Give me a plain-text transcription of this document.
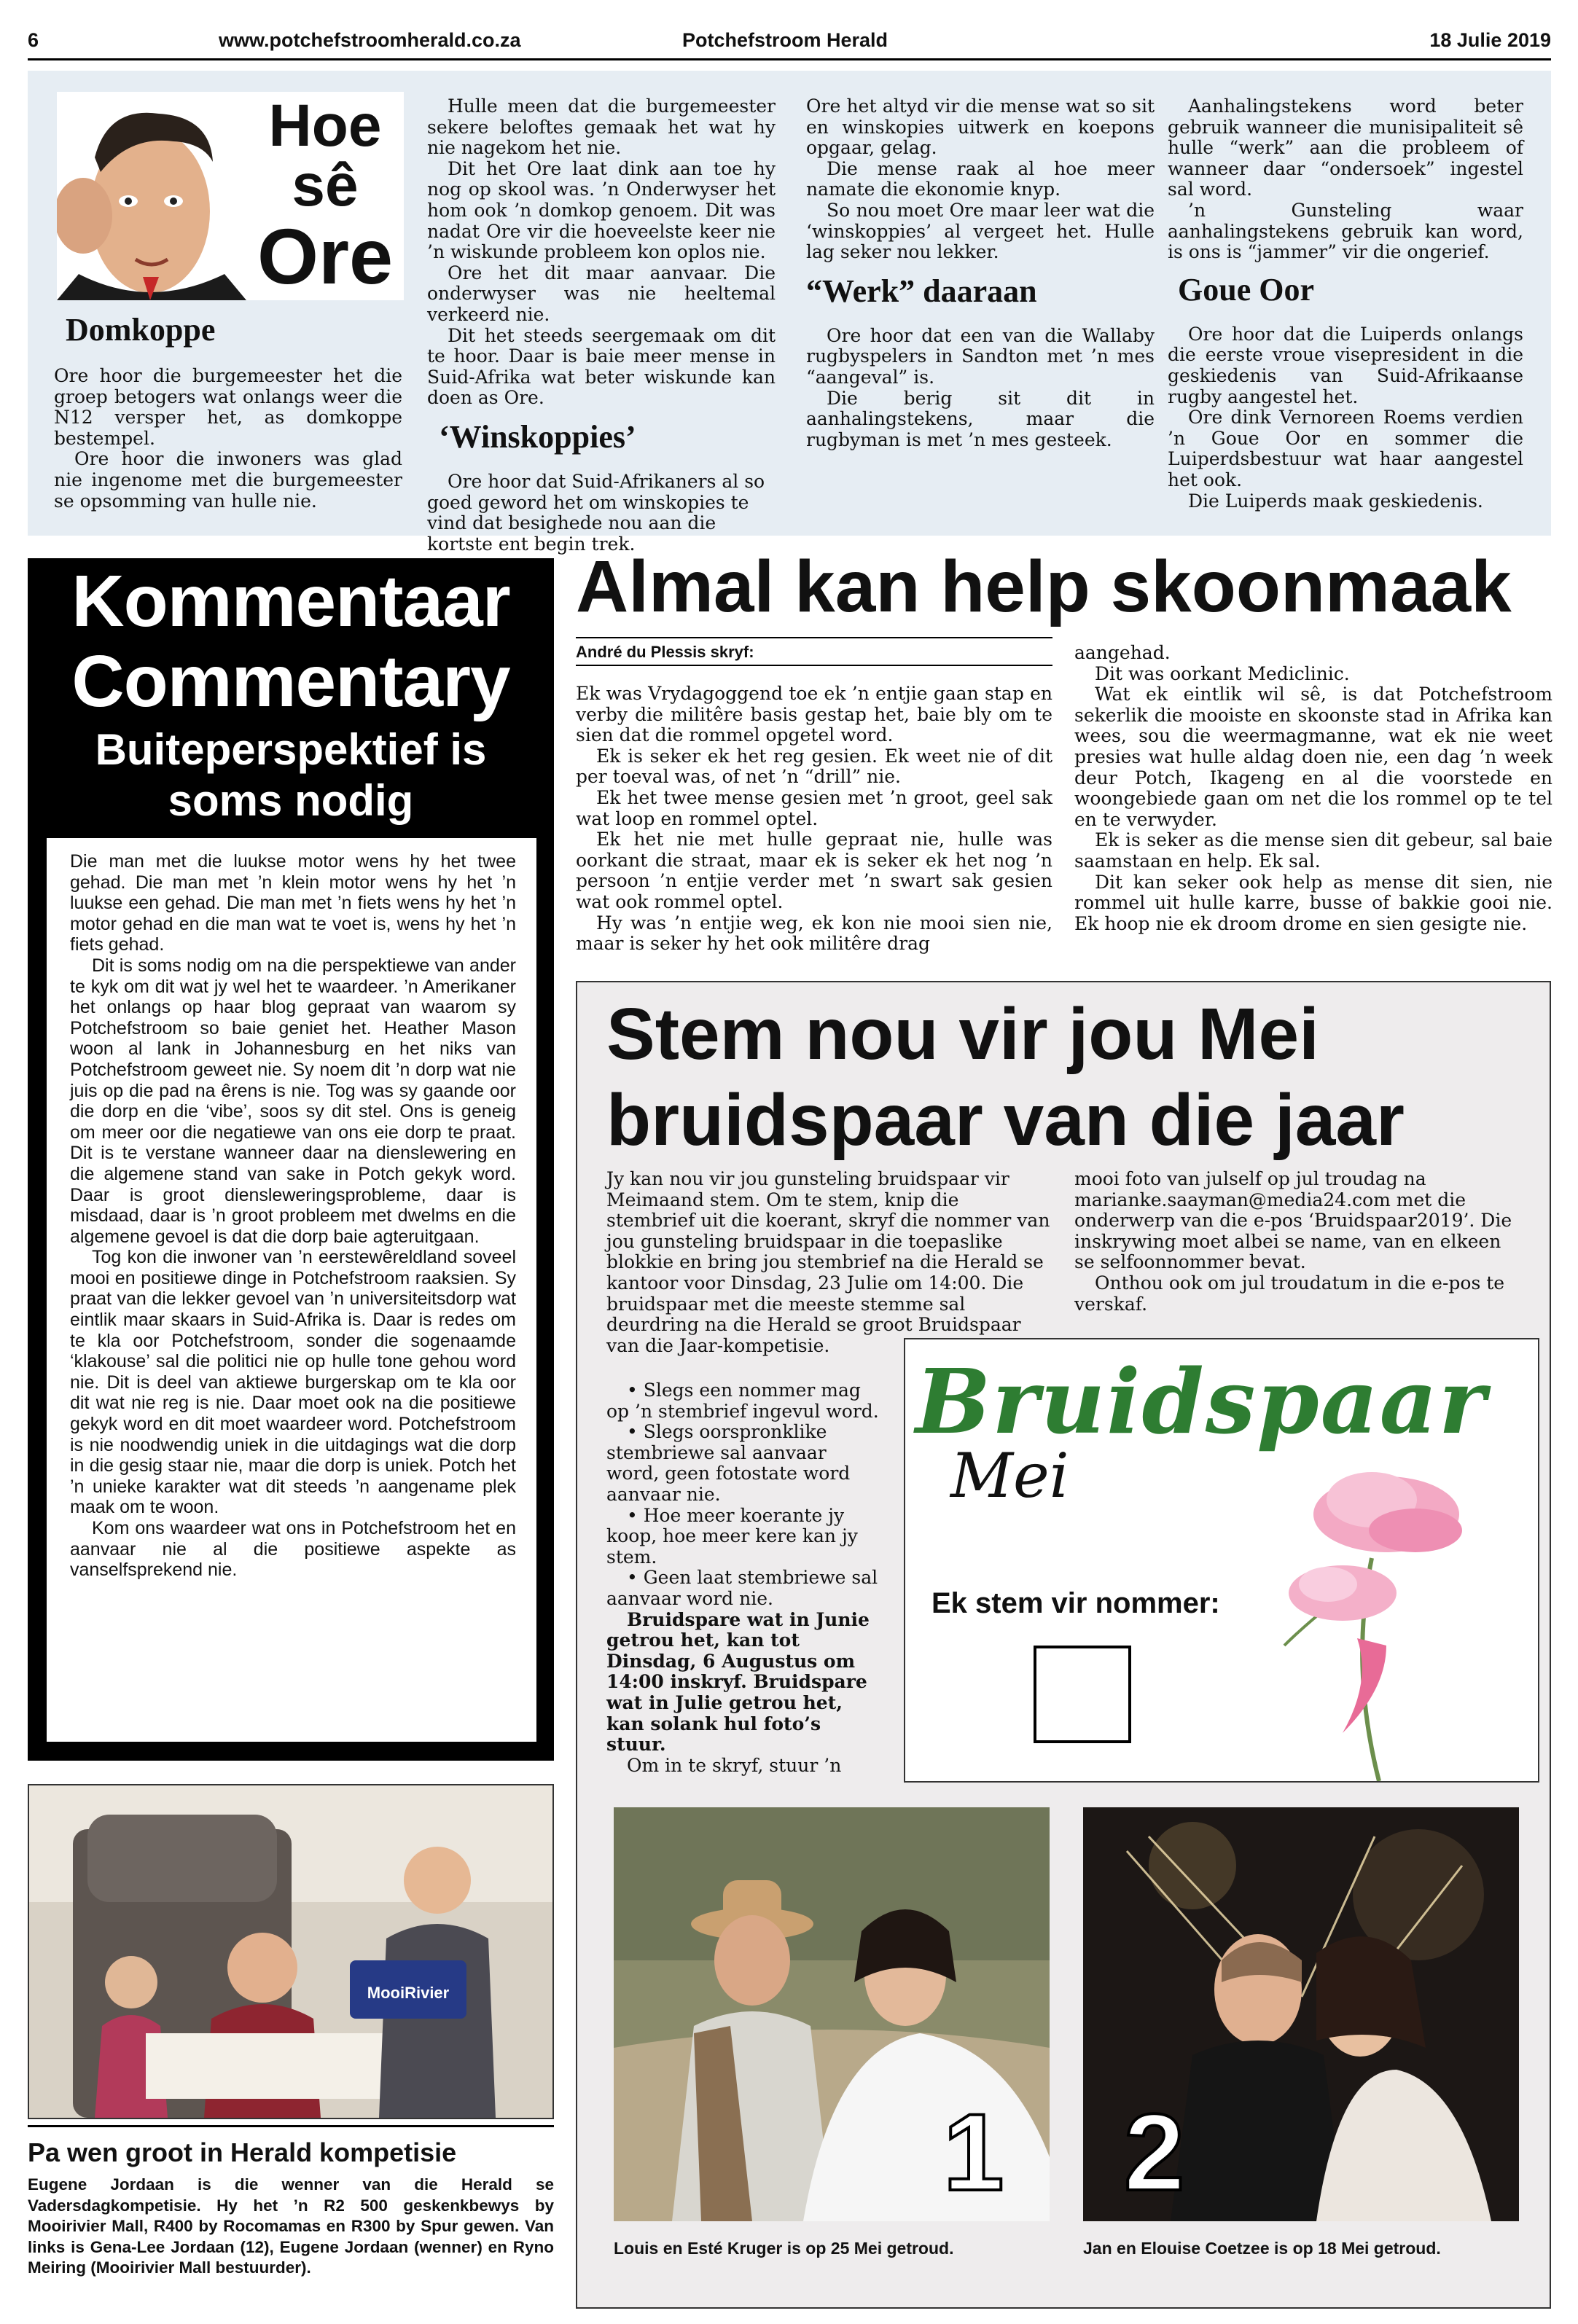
6	www.potchefstroomherald.co.za	Potchefstroom Herald	18 Julie 2019
Hoe
sê
Ore
Domkoppe

Ore hoor die burgemeester het die groep betogers wat onlangs weer die N12 versper het, as domkoppe bestempel.

Ore hoor die inwoners was glad nie ingenome met die burgemeester se opsomming van hulle nie.

Hulle meen dat die burgemeester sekere beloftes gemaak het wat hy nie nagekom het nie.

Dit het Ore laat dink aan toe hy nog op skool was. ’n Onderwyser het hom ook ’n domkop genoem. Dit was nadat Ore vir die hoeveelste keer nie ’n wiskunde probleem kon oplos nie.

Ore het dit maar aanvaar. Die onderwyser was nie heeltemal verkeerd nie.

Dit het steeds seergemaak om dit te hoor. Daar is baie meer mense in Suid-Afrika wat beter wiskunde kan doen as Ore.

‘Winskoppies’

Ore hoor dat Suid-Afrikaners al so goed geword het om winskopies te vind dat besighede nou aan die kortste ent begin trek.

Ore het altyd vir die mense wat so sit en winskopies uitwerk en koepons opgaar, gelag.

Die mense raak al hoe meer namate die ekonomie knyp.

So nou moet Ore maar leer wat die ‘winskoppies’ al vergeet het. Hulle lag seker nou lekker.

“Werk” daaraan

Ore hoor dat een van die Wallaby rugbyspelers in Sandton met ’n mes “aangeval” is.

Die berig sit dit in aanhalingstekens, maar die rugbyman is met ’n mes gesteek.

Aanhalingstekens word beter gebruik wanneer die munisipaliteit sê hulle “werk” aan die probleem of wanneer daar “ondersoek” ingestel sal word.

’n Gunsteling waar aanhalingstekens gebruik kan word, is ons is “jammer” vir die ongerief.

Goue Oor

Ore hoor dat die Luiperds onlangs die eerste vroue visepresident in die geskiedenis van Suid-Afrikaanse rugby aangestel het.

Ore dink Vernoreen Roems verdien ’n Goue Oor en sommer die Luiperdsbestuur wat haar aangestel het ook.

Die Luiperds maak geskiedenis.

Kommentaar
Commentary
Buiteperspektief is
soms nodig

Die man met die luukse motor wens hy het twee gehad. Die man met ’n klein motor wens hy het ’n luukse een gehad. Die man met ’n fiets wens hy het ’n motor gehad en die man wat te voet is, wens hy het ’n fiets gehad.

Dit is soms nodig om na die perspektiewe van ander te kyk om dit wat jy wel het te waardeer. ’n Amerikaner het onlangs op haar blog gepraat van waarom sy Potchefstroom so baie geniet het. Heather Mason woon al lank in Johannesburg en het niks van Potchefstroom geweet nie. Sy noem dit ’n dorp wat nie juis op die pad na êrens is nie. Tog was sy gaande oor die dorp en die ‘vibe’, soos sy dit stel. Ons is geneig om meer oor die negatiewe van ons eie dorp te praat. Dit is te verstane wanneer daar na dienslewering en die algemene stand van sake in Potch gekyk word. Daar is groot diensleweringsprobleme, daar is misdaad, daar is ’n groot probleem met dwelms en die algemene gevoel is dat die dorp baie agteruitgaan.

Tog kon die inwoner van ’n eerstewêreldland soveel mooi en positiewe dinge in Potchefstroom raaksien. Sy praat van die lekker gevoel van ’n universiteitsdorp wat eintlik maar skaars in Suid-Afrika is. Daar is redes om te kla oor Potchefstroom, sonder die sogenaamde ‘klakouse’ sal die politici nie op hulle tone gehou word nie. Dit is deel van aktiewe burgerskap om te kla oor dit wat nie reg is nie. Daar moet ook na die positiewe gekyk word en dit moet waardeer word. Potchefstroom is nie noodwendig uniek in die uitdagings wat die dorp in die gesig staar nie, maar die dorp is uniek. Potch het ’n unieke karakter wat dit steeds ’n aangename plek maak om te woon.

Kom ons waardeer wat ons in Potchefstroom het en aanvaar nie al die positiewe aspekte as vanselfsprekend nie.

MooiRivier
Pa wen groot in Herald kompetisie
Eugene Jordaan is die wenner van die Herald se Vadersdagkompetisie. Hy het ’n R2 500 geskenkbewys by Mooirivier Mall, R400 by Rocomamas en R300 by Spur gewen. Van links is Gena-Lee Jordaan (12), Eugene Jordaan (wenner) en Ryno Meiring (Mooirivier Mall bestuurder).
Almal kan help skoonmaak
André du Plessis skryf:

Ek was Vrydagoggend toe ek ’n entjie gaan stap en verby die militêre basis gestap het, baie bly om te sien dat die rommel opgetel word.

Ek is seker ek het reg gesien. Ek weet nie of dit per toeval was, of net ’n “drill” nie.

Ek het twee mense gesien met ’n groot, geel sak wat loop en rommel optel.

Ek het nie met hulle gepraat nie, hulle was oorkant die straat, maar ek is seker ek het nog ’n persoon ’n entjie verder met ’n swart sak gesien wat ook rommel optel.

Hy was ’n entjie weg, ek kon nie mooi sien nie, maar is seker hy het ook militêre drag

aangehad.

Dit was oorkant Mediclinic.

Wat ek eintlik wil sê, is dat Potchefstroom sekerlik die mooiste en skoonste stad in Afrika kan wees, sou die weermagmanne, wat ek nie weet presies wat hulle aldag doen nie, een dag ’n week deur Potch, Ikageng en al die voorstede en woongebiede gaan om net die los rommel op te tel en te verwyder.

Ek is seker as die mense sien dit gebeur, sal baie saamstaan en help. Ek sal.

Dit kan seker ook help as mense dit sien, nie rommel uit hulle karre, busse of bakkie gooi nie. Ek hoop nie ek droom drome en sien gesigte nie.

Stem nou vir jou Mei
bruidspaar van die jaar

Jy kan nou vir jou gunsteling bruidspaar vir Meimaand stem. Om te stem, knip die stembrief uit die koerant, skryf die nommer van jou gunsteling bruidspaar in die toepaslike blokkie en bring jou stembrief na die Herald se kantoor voor Dinsdag, 23 Julie om 14:00. Die bruidspaar met die meeste stemme sal deurdring na die Herald se groot Bruidspaar van die Jaar-kompetisie.

• Slegs een nommer mag op ’n stembrief ingevul word.

• Slegs oorspronklike stembriewe sal aanvaar word, geen fotostate word aanvaar nie.

• Hoe meer koerante jy koop, hoe meer kere kan jy stem.

• Geen laat stembriewe sal aanvaar word nie.

Bruidspare wat in Junie getrou het, kan tot Dinsdag, 6 Augustus om 14:00 inskryf. Bruidspare wat in Julie getrou het, kan solank hul foto’s stuur.

Om in te skryf, stuur ’n

mooi foto van julself op jul troudag na marianke.saayman@media24.com met die onderwerp van die e-pos ‘Bruidspaar2019’. Die inskrywing moet albei se name, van en elkeen se selfoonnommer bevat.

Onthou ook om jul troudatum in die e-pos te verskaf.

Bruidspaar
Mei
Ek stem vir nommer:
1
Louis en Esté Kruger is op 25 Mei getroud.
2
Jan en Elouise Coetzee is op 18 Mei getroud.
